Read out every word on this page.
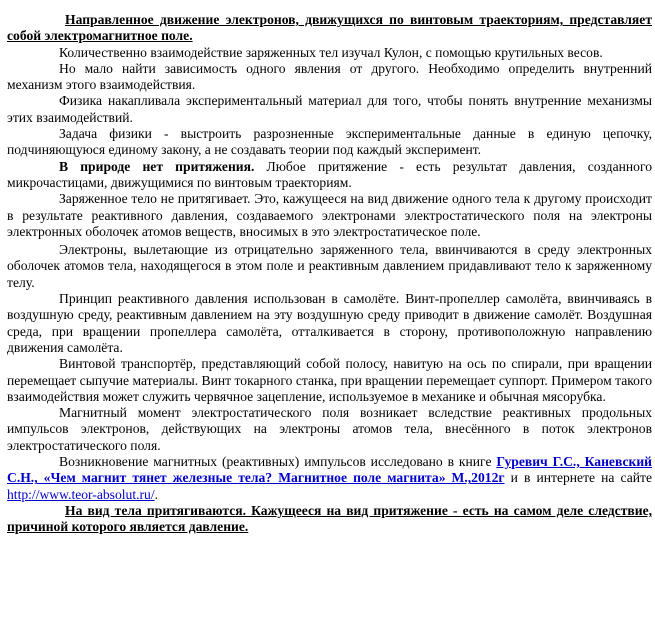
Направленное движение электронов, движущихся по винтовым траекториям, представляет собой электромагнитное поле.

Количественно взаимодействие заряженных тел изучал Кулон, с помощью крутильных весов.

Но мало найти зависимость одного явления от другого. Необходимо определить внутренний механизм этого взаимодействия.

Физика накапливала экспериментальный материал для того, чтобы понять внутренние механизмы этих взаимодействий.

Задача физики - выстроить разрозненные экспериментальные данные в единую цепочку, подчиняющуюся единому закону, а не создавать теории под каждый эксперимент.

В природе нет притяжения. Любое притяжение - есть результат давления, созданного микрочастицами, движущимися по винтовым траекториям.

Заряженное тело не притягивает. Это, кажущееся на вид движение одного тела к другому происходит в результате реактивного давления, создаваемого электронами электростатического поля на электроны электронных оболочек атомов веществ, вносимых в это электростатическое поле.

Электроны, вылетающие из отрицательно заряженного тела, ввинчиваются в среду электронных оболочек атомов тела, находящегося в этом поле и реактивным давлением придавливают тело к заряженному телу.

Принцип реактивного давления использован в самолёте. Винт-пропеллер самолёта, ввинчиваясь в воздушную среду, реактивным давлением на эту воздушную среду приводит в движение самолёт. Воздушная среда, при вращении пропеллера самолёта, отталкивается в сторону, противоположную направлению движения самолёта.

Винтовой транспортёр, представляющий собой полосу, навитую на ось по спирали, при вращении перемещает сыпучие материалы. Винт токарного станка, при вращении перемещает суппорт. Примером такого взаимодействия может служить червячное зацепление, используемое в механике и обычная мясорубка.

Магнитный момент электростатического поля возникает вследствие реактивных продольных импульсов электронов, действующих на электроны атомов тела, внесённого в поток электронов электростатического поля.

Возникновение магнитных (реактивных) импульсов исследовано в книге Гуревич Г.С., Каневский С.Н., «Чем магнит тянет железные тела? Магнитное поле магнита» М.,2012г и в интернете на сайте http://www.teor-absolut.ru/.

На вид тела притягиваются. Кажущееся на вид притяжение - есть на самом деле следствие, причиной которого является давление.
